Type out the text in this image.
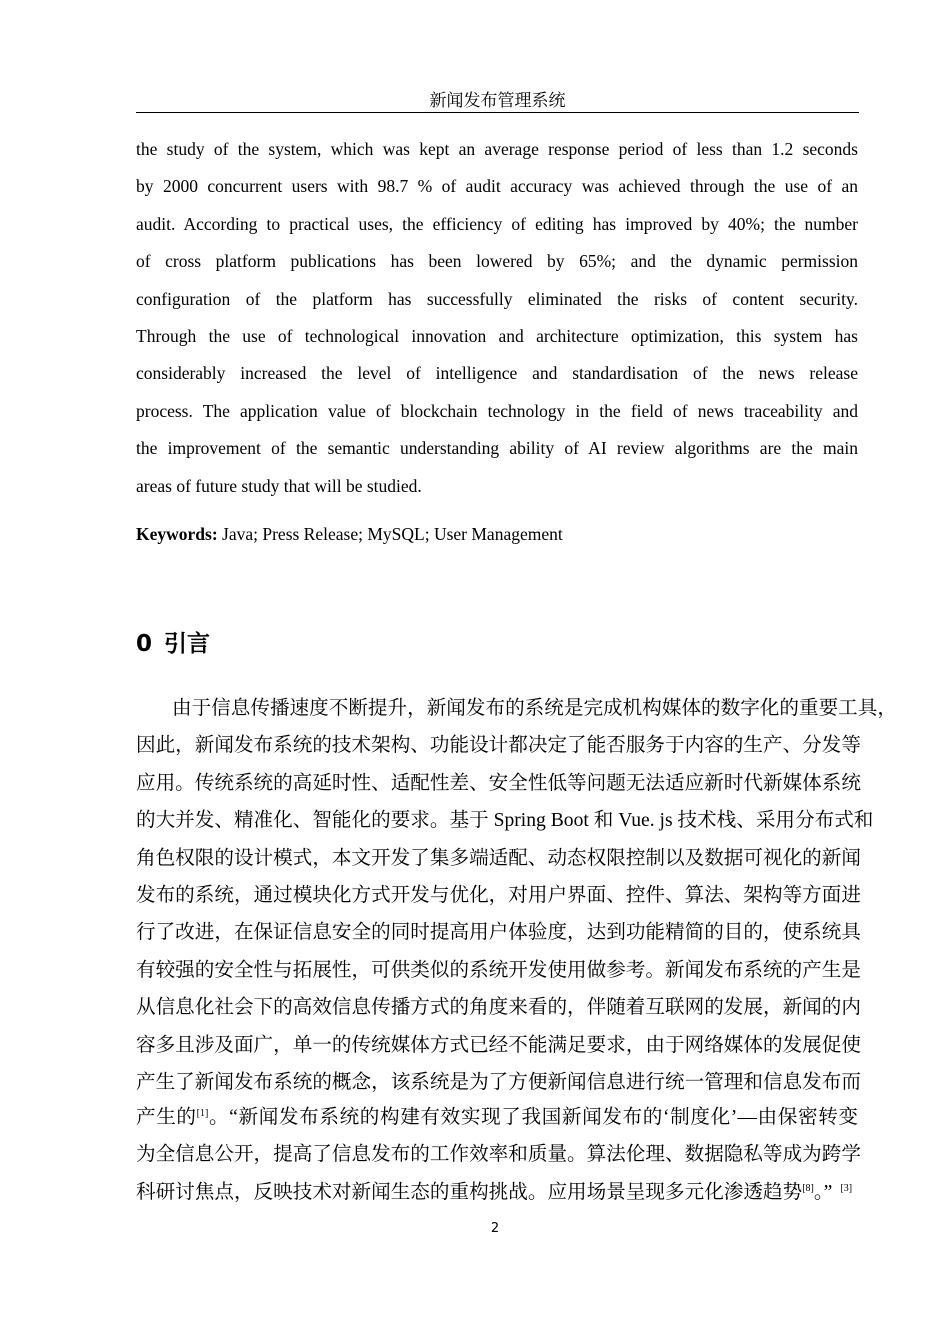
新闻发布管理系统
the study of the system, which was kept an average response period of less than 1.2 seconds
by 2000 concurrent users with 98.7 % of audit accuracy was achieved through the use of an
audit. According to practical uses, the efficiency of editing has improved by 40%; the number
of cross platform publications has been lowered by 65%; and the dynamic permission
configuration of the platform has successfully eliminated the risks of content security.
Through the use of technological innovation and architecture optimization, this system has
considerably increased the level of intelligence and standardisation of the news release
process. The application value of blockchain technology in the field of news traceability and
the improvement of the semantic understanding ability of AI review algorithms are the main
areas of future study that will be studied.
Keywords: Java; Press Release; MySQL; User Management
0 引言
产生的[1]。“新闻发布系统的构建有效实现了我国新闻发布的‘制度化’—由保密转变
为全信息公开，提高了信息发布的工作效率和质量。算法伦理、数据隐私等成为跨学
科研讨焦点，反映技术对新闻生态的重构挑战。应用场景呈现多元化渗透趋势[8]。” [3]
由于信息传播速度不断提升，新闻发布的系统是完成机构媒体的数字化的重要工具，
因此，新闻发布系统的技术架构、功能设计都决定了能否服务于内容的生产、分发等
应用。传统系统的高延时性、适配性差、安全性低等问题无法适应新时代新媒体系统
的大并发、精准化、智能化的要求。基于 Spring Boot 和 Vue. js 技术栈、采用分布式和
角色权限的设计模式，本文开发了集多端适配、动态权限控制以及数据可视化的新闻
发布的系统，通过模块化方式开发与优化，对用户界面、控件、算法、架构等方面进
行了改进，在保证信息安全的同时提高用户体验度，达到功能精简的目的，使系统具
有较强的安全性与拓展性，可供类似的系统开发使用做参考。新闻发布系统的产生是
从信息化社会下的高效信息传播方式的角度来看的，伴随着互联网的发展，新闻的内
容多且涉及面广，单一的传统媒体方式已经不能满足要求，由于网络媒体的发展促使
产生了新闻发布系统的概念，该系统是为了方便新闻信息进行统一管理和信息发布而
2
